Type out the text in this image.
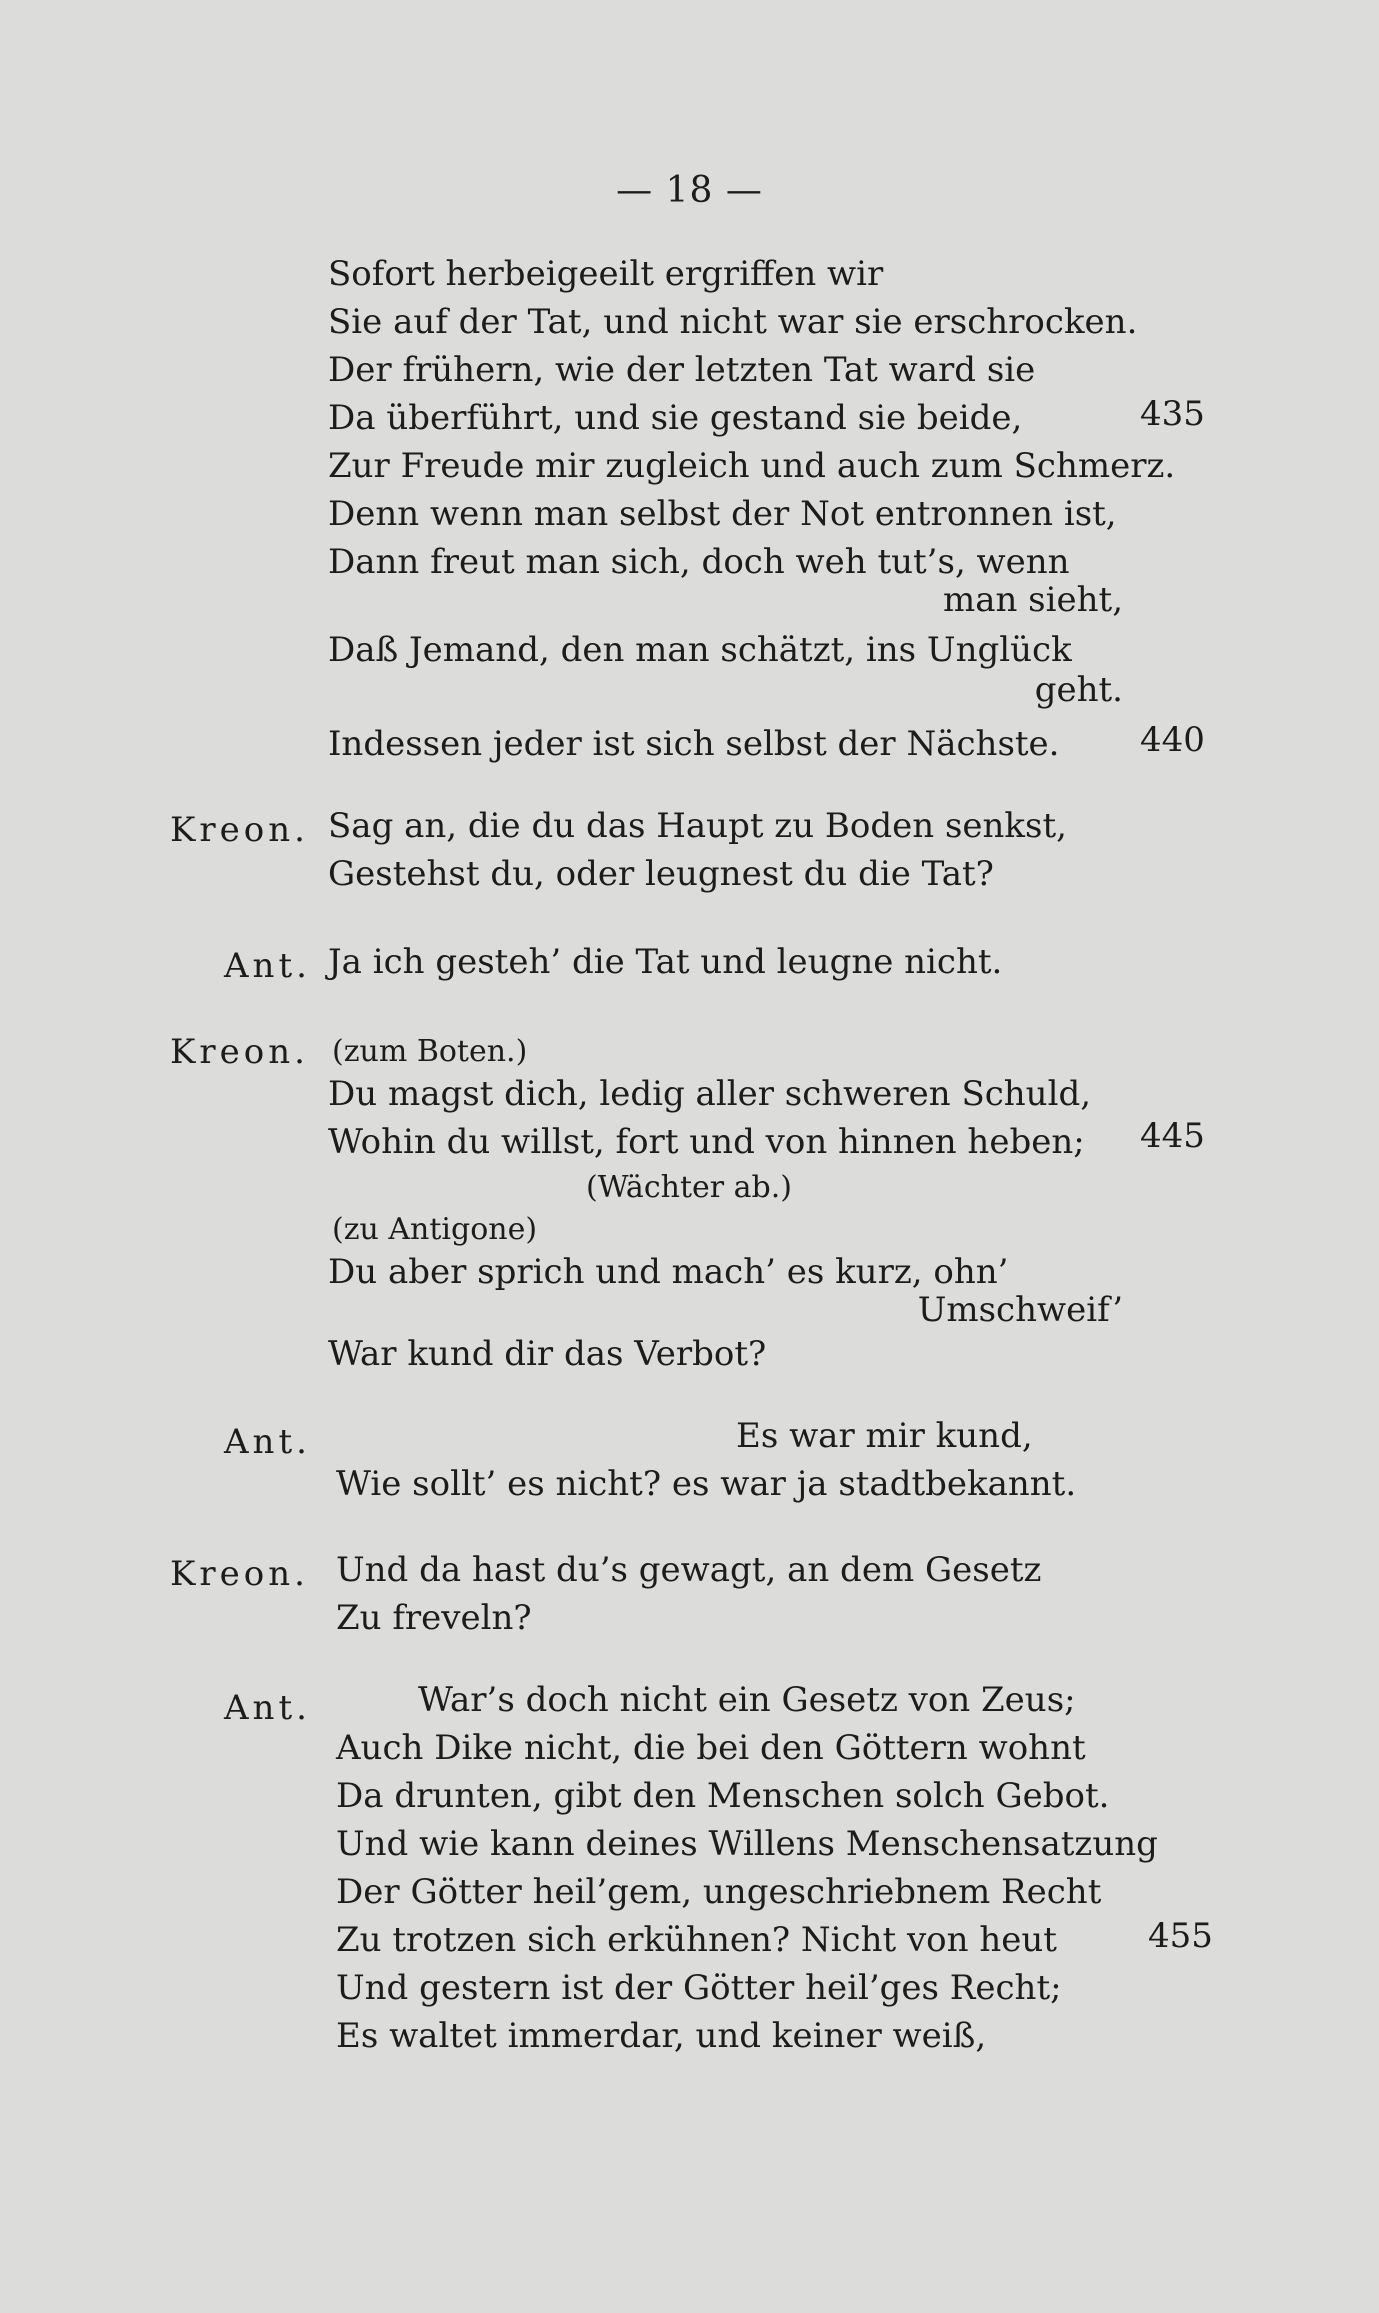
— 18 —
Sofort herbeigeeilt ergriffen wir
Sie auf der Tat, und nicht war sie erschrocken.
Der frühern, wie der letzten Tat ward sie
Da überführt, und sie gestand sie beide,	435
Zur Freude mir zugleich und auch zum Schmerz.
Denn wenn man selbst der Not entronnen ist,
Dann freut man sich, doch weh tut’s, wenn
man sieht,
Daß Jemand, den man schätzt, ins Unglück
geht.
Indessen jeder ist sich selbst der Nächste. 440
Kreon. Sag an, die du das Haupt zu Boden senkst,
Gestehst du, oder leugnest du die Tat?
Ant. Ja ich gesteh’ die Tat und leugne nicht.
Kreon. (zum Boten.)
Du magst dich, ledig aller schweren Schuld,
Wohin du willst, fort und von hinnen heben; 445
(Wächter ab.)
(zu Antigone)
Du aber sprich und mach’ es kurz, ohn’
Umschweif’
War kund dir das Verbot?
Ant.	Es war mir kund,
Wie sollt’ es nicht? es war ja stadtbekannt.
Kreon. Und da hast du’s gewagt, an dem Gesetz
Zu freveln?
Ant.	War’s doch nicht ein Gesetz von Zeus;
Auch Dike nicht, die bei den Göttern wohnt
Da drunten, gibt den Menschen solch Gebot.
Und wie kann deines Willens Menschensatzung
Der Götter heil’gem, ungeschriebnem Recht
Zu trotzen sich erkühnen? Nicht von heut	455
Und gestern ist der Götter heil’ges Recht;
Es waltet immerdar, und keiner weiß,
